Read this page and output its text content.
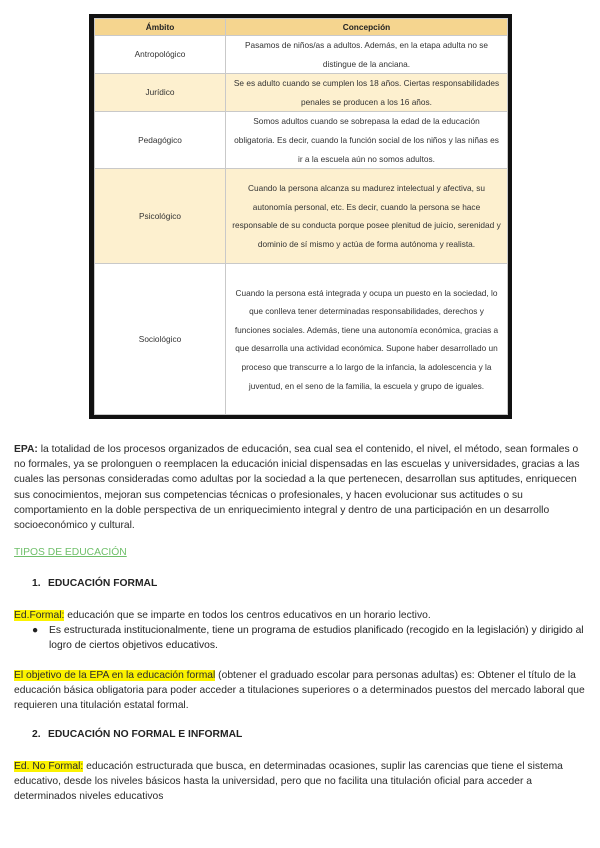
Ámbito	Concepción
Antropológico	Pasamos de niños/as a adultos. Además, en la etapa adulta no se distingue de la anciana.
Jurídico	Se es adulto cuando se cumplen los 18 años. Ciertas responsabilidades penales se producen a los 16 años.
Pedagógico	Somos adultos cuando se sobrepasa la edad de la educación obligatoria. Es decir, cuando la función social de los niños y las niñas es ir a la escuela aún no somos adultos.
Psicológico	Cuando la persona alcanza su madurez intelectual y afectiva, su autonomía personal, etc. Es decir, cuando la persona se hace responsable de su conducta porque posee plenitud de juicio, serenidad y dominio de sí mismo y actúa de forma autónoma y realista.
Sociológico	Cuando la persona está integrada y ocupa un puesto en la sociedad, lo que conlleva tener determinadas responsabilidades, derechos y funciones sociales. Además, tiene una autonomía económica, gracias a que desarrolla una actividad económica. Supone haber desarrollado un proceso que transcurre a lo largo de la infancia, la adolescencia y la juventud, en el seno de la familia, la escuela y grupo de iguales.
EPA: la totalidad de los procesos organizados de educación, sea cual sea el contenido, el nivel, el método, sean formales o no formales, ya se prolonguen o reemplacen la educación inicial dispensadas en las escuelas y universidades, gracias a las cuales las personas consideradas como adultas por la sociedad a la que pertenecen, desarrollan sus aptitudes, enriquecen sus conocimientos, mejoran sus competencias técnicas o profesionales, y hacen evolucionar sus actitudes o su comportamiento en la doble perspectiva de un enriquecimiento integral y dentro de una participación en un desarrollo socioeconómico y cultural.
TIPOS DE EDUCACIÓN
1. EDUCACIÓN FORMAL
Ed.Formal: educación que se imparte en todos los centros educativos en un horario lectivo.
● Es estructurada institucionalmente, tiene un programa de estudios planificado (recogido en la legislación) y dirigido al logro de ciertos objetivos educativos.
El objetivo de la EPA en la educación formal (obtener el graduado escolar para personas adultas) es: Obtener el título de la educación básica obligatoria para poder acceder a titulaciones superiores o a determinados puestos del mercado laboral que requieren una titulación estatal formal.
2. EDUCACIÓN NO FORMAL E INFORMAL
Ed. No Formal: educación estructurada que busca, en determinadas ocasiones, suplir las carencias que tiene el sistema educativo, desde los niveles básicos hasta la universidad, pero que no facilita una titulación oficial para acceder a determinados niveles educativos
